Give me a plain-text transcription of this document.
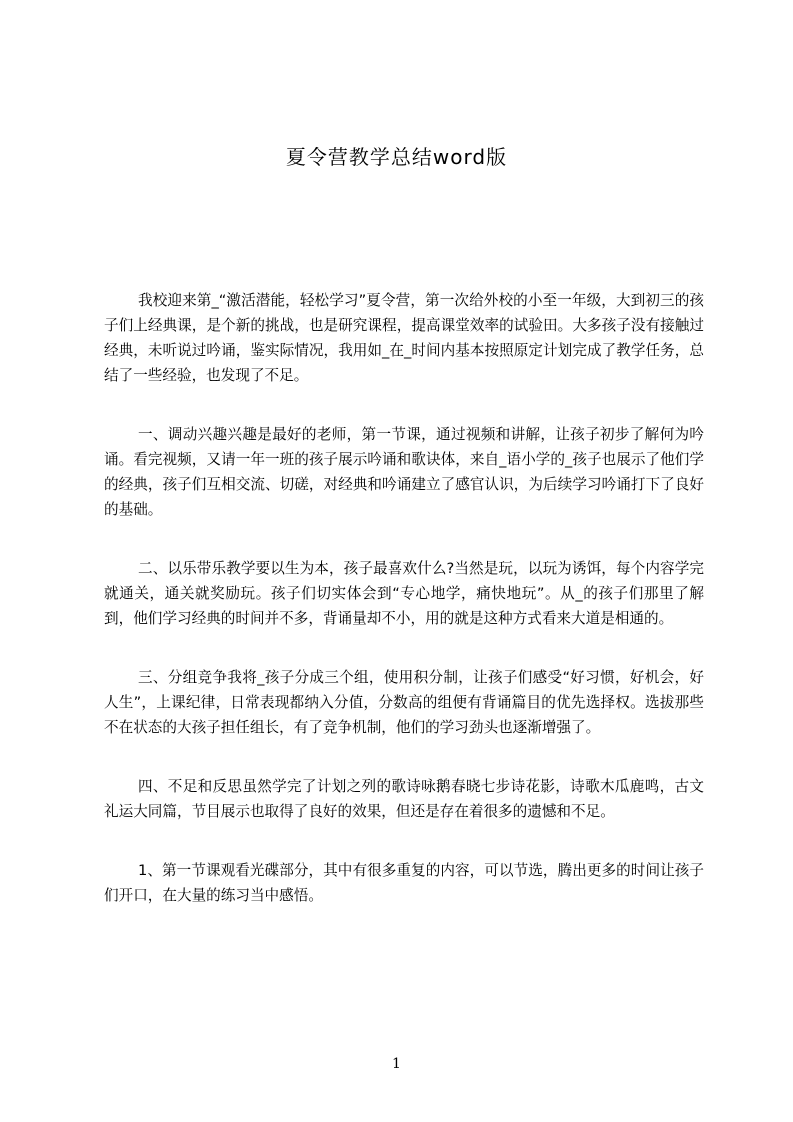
夏令营教学总结word版

我校迎来第_“激活潜能，轻松学习”夏令营，第一次给外校的小至一年级，大到初三的孩子们上经典课，是个新的挑战，也是研究课程，提高课堂效率的试验田。大多孩子没有接触过经典，未听说过吟诵，鉴实际情况，我用如_在_时间内基本按照原定计划完成了教学任务，总结了一些经验，也发现了不足。

一、调动兴趣兴趣是最好的老师，第一节课，通过视频和讲解，让孩子初步了解何为吟诵。看完视频，又请一年一班的孩子展示吟诵和歌诀体，来自_语小学的_孩子也展示了他们学的经典，孩子们互相交流、切磋，对经典和吟诵建立了感官认识，为后续学习吟诵打下了良好的基础。

二、以乐带乐教学要以生为本，孩子最喜欢什么?当然是玩，以玩为诱饵，每个内容学完就通关，通关就奖励玩。孩子们切实体会到“专心地学，痛快地玩”。从_的孩子们那里了解到，他们学习经典的时间并不多，背诵量却不小，用的就是这种方式看来大道是相通的。

三、分组竞争我将_孩子分成三个组，使用积分制，让孩子们感受“好习惯，好机会，好人生”，上课纪律，日常表现都纳入分值，分数高的组便有背诵篇目的优先选择权。选拔那些不在状态的大孩子担任组长，有了竞争机制，他们的学习劲头也逐渐增强了。

四、不足和反思虽然学完了计划之列的歌诗咏鹅春晓七步诗花影，诗歌木瓜鹿鸣，古文礼运大同篇，节目展示也取得了良好的效果，但还是存在着很多的遗憾和不足。

1、第一节课观看光碟部分，其中有很多重复的内容，可以节选，腾出更多的时间让孩子们开口，在大量的练习当中感悟。

1
